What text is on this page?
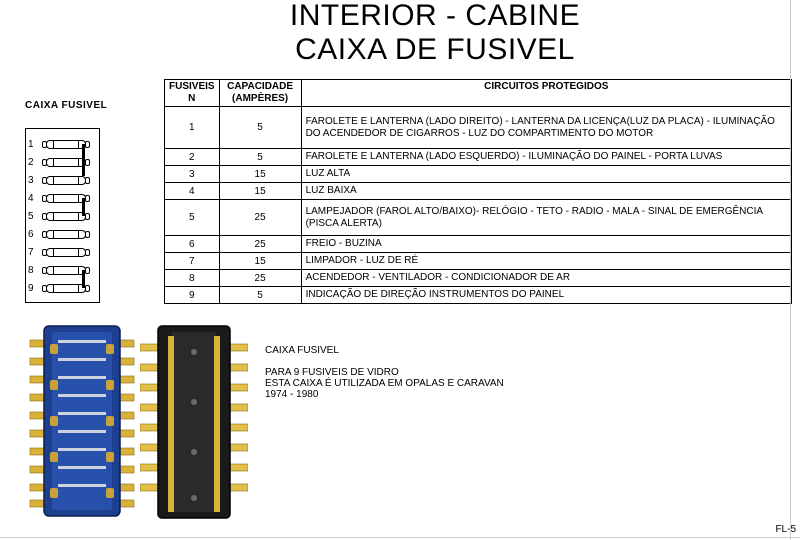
INTERIOR - CABINE
CAIXA DE FUSIVEL
CAIXA FUSIVEL
1
2
3
4
5
6
7
8
9
FUSIVEIS N	CAPACIDADE (AMPÈRES)	CIRCUITOS PROTEGIDOS
1	5	FAROLETE E LANTERNA (LADO DIREITO) - LANTERNA DA LICENÇA(LUZ DA PLACA) - ILUMINAÇÃO DO ACENDEDOR DE CIGARROS - LUZ DO COMPARTIMENTO DO MOTOR
2	5	FAROLETE E LANTERNA (LADO ESQUERDO) - ILUMINAÇÃO DO PAINEL - PORTA LUVAS
3	15	LUZ ALTA
4	15	LUZ BAIXA
5	25	LAMPEJADOR (FAROL ALTO/BAIXO)- RELÓGIO - TETO - RADIO - MALA - SINAL DE EMERGÊNCIA (PISCA ALERTA)
6	25	FREIO - BUZINA
7	15	LIMPADOR - LUZ DE RÉ
8	25	ACENDEDOR - VENTILADOR - CONDICIONADOR DE AR
9	5	INDICAÇÃO DE DIREÇÃO INSTRUMENTOS DO PAINEL
CAIXA FUSIVEL
PARA 9 FUSIVEIS DE VIDRO
ESTA CAIXA É UTILIZADA EM OPALAS E CARAVAN
1974 - 1980
FL-5
